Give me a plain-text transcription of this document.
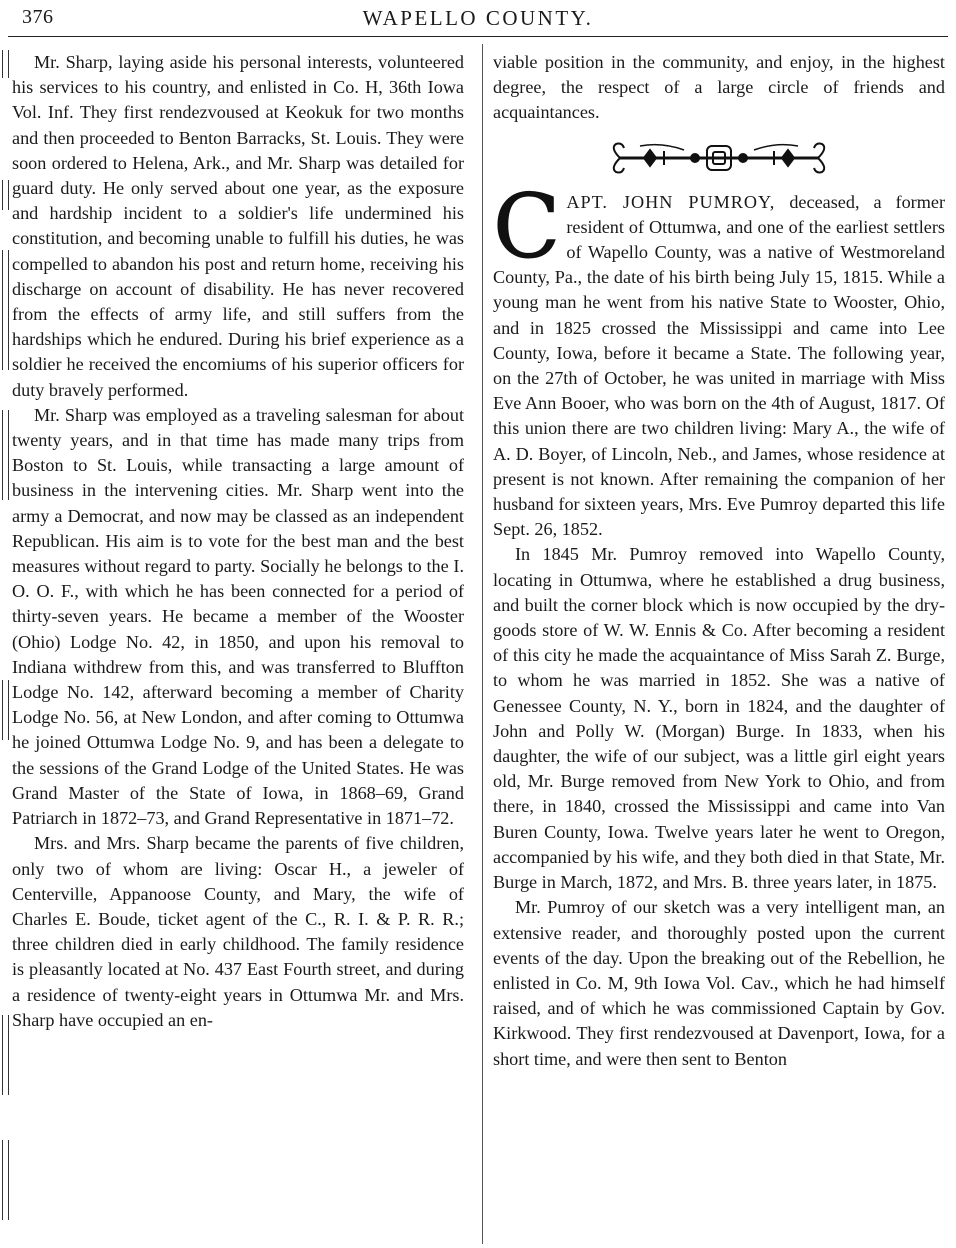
376	WAPELLO COUNTY.

Mr. Sharp, laying aside his personal interests, volunteered his services to his country, and enlisted in Co. H, 36th Iowa Vol. Inf. They first rendezvoused at Keokuk for two months and then proceeded to Benton Barracks, St. Louis. They were soon ordered to Helena, Ark., and Mr. Sharp was detailed for guard duty. He only served about one year, as the exposure and hardship incident to a soldier's life undermined his constitution, and becoming unable to fulfill his duties, he was compelled to abandon his post and return home, receiving his discharge on account of disability. He has never recovered from the effects of army life, and still suffers from the hardships which he endured. During his brief experience as a soldier he received the encomiums of his superior officers for duty bravely performed.

Mr. Sharp was employed as a traveling salesman for about twenty years, and in that time has made many trips from Boston to St. Louis, while transacting a large amount of business in the intervening cities. Mr. Sharp went into the army a Democrat, and now may be classed as an independent Republican. His aim is to vote for the best man and the best measures without regard to party. Socially he belongs to the I. O. O. F., with which he has been connected for a period of thirty-seven years. He became a member of the Wooster (Ohio) Lodge No. 42, in 1850, and upon his removal to Indiana withdrew from this, and was transferred to Bluffton Lodge No. 142, afterward becoming a member of Charity Lodge No. 56, at New London, and after coming to Ottumwa he joined Ottumwa Lodge No. 9, and has been a delegate to the sessions of the Grand Lodge of the United States. He was Grand Master of the State of Iowa, in 1868–69, Grand Patriarch in 1872–73, and Grand Representative in 1871–72.

Mrs. and Mrs. Sharp became the parents of five children, only two of whom are living: Oscar H., a jeweler of Centerville, Appanoose County, and Mary, the wife of Charles E. Boude, ticket agent of the C., R. I. & P. R. R.; three children died in early childhood. The family residence is pleasantly located at No. 437 East Fourth street, and during a residence of twenty-eight years in Ottumwa Mr. and Mrs. Sharp have occupied an en-

viable position in the community, and enjoy, in the highest degree, the respect of a large circle of friends and acquaintances.

CAPT. JOHN PUMROY, deceased, a former resident of Ottumwa, and one of the earliest settlers of Wapello County, was a native of Westmoreland County, Pa., the date of his birth being July 15, 1815. While a young man he went from his native State to Wooster, Ohio, and in 1825 crossed the Mississippi and came into Lee County, Iowa, before it became a State. The following year, on the 27th of October, he was united in marriage with Miss Eve Ann Booer, who was born on the 4th of August, 1817. Of this union there are two children living: Mary A., the wife of A. D. Boyer, of Lincoln, Neb., and James, whose residence at present is not known. After remaining the companion of her husband for sixteen years, Mrs. Eve Pumroy departed this life Sept. 26, 1852.

In 1845 Mr. Pumroy removed into Wapello County, locating in Ottumwa, where he established a drug business, and built the corner block which is now occupied by the dry-goods store of W. W. Ennis & Co. After becoming a resident of this city he made the acquaintance of Miss Sarah Z. Burge, to whom he was married in 1852. She was a native of Genessee County, N. Y., born in 1824, and the daughter of John and Polly W. (Morgan) Burge. In 1833, when his daughter, the wife of our subject, was a little girl eight years old, Mr. Burge removed from New York to Ohio, and from there, in 1840, crossed the Mississippi and came into Van Buren County, Iowa. Twelve years later he went to Oregon, accompanied by his wife, and they both died in that State, Mr. Burge in March, 1872, and Mrs. B. three years later, in 1875.

Mr. Pumroy of our sketch was a very intelligent man, an extensive reader, and thoroughly posted upon the current events of the day. Upon the breaking out of the Rebellion, he enlisted in Co. M, 9th Iowa Vol. Cav., which he had himself raised, and of which he was commissioned Captain by Gov. Kirkwood. They first rendezvoused at Davenport, Iowa, for a short time, and were then sent to Benton
